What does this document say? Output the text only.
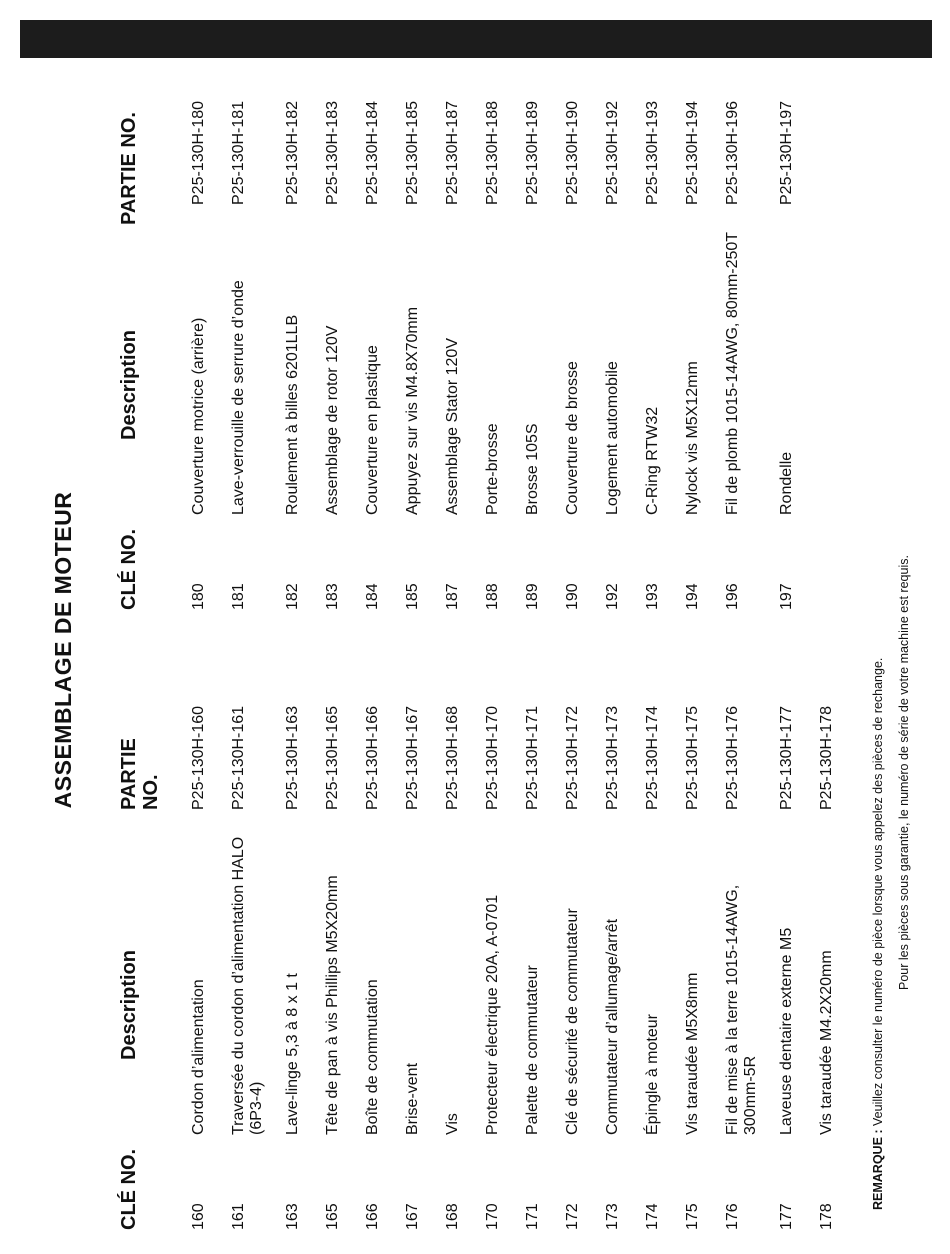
ASSEMBLAGE DE MOTEUR
CLÉ NO.
Description
PARTIE NO.
160
Cordon d’alimentation
P25-130H-160
161
Traversée du cordon d’alimentation HALO (6P3-4)
P25-130H-161
163
Lave-linge 5,3 à 8 x 1 t
P25-130H-163
165
Tête de pan à vis Phillips M5X20mm
P25-130H-165
166
Boîte de commutation
P25-130H-166
167
Brise-vent
P25-130H-167
168
Vis
P25-130H-168
170
Protecteur électrique 20A, A-0701
P25-130H-170
171
Palette de commutateur
P25-130H-171
172
Clé de sécurité de commutateur
P25-130H-172
173
Commutateur d’allumage/arrêt
P25-130H-173
174
Épingle à moteur
P25-130H-174
175
Vis taraudée M5X8mm
P25-130H-175
176
Fil de mise à la terre 1015-14AWG, 300mm-5R
P25-130H-176
177
Laveuse dentaire externe M5
P25-130H-177
178
Vis taraudée M4.2X20mm
P25-130H-178
CLÉ NO.
Description
PARTIE NO.
180
Couverture motrice (arrière)
P25-130H-180
181
Lave-verrouille de serrure d’onde
P25-130H-181
182
Roulement à billes 6201LLB
P25-130H-182
183
Assemblage de rotor 120V
P25-130H-183
184
Couverture en plastique
P25-130H-184
185
Appuyez sur vis M4.8X70mm
P25-130H-185
187
Assemblage Stator 120V
P25-130H-187
188
Porte-brosse
P25-130H-188
189
Brosse 105S
P25-130H-189
190
Couverture de brosse
P25-130H-190
192
Logement automobile
P25-130H-192
193
C-Ring RTW32
P25-130H-193
194
Nylock vis M5X12mm
P25-130H-194
196
Fil de plomb 1015-14AWG, 80mm-250T
P25-130H-196
197
Rondelle
P25-130H-197
REMARQUE : Veuillez consulter le numéro de pièce lorsque vous appelez des pièces de rechange. Pour les pièces sous garantie, le numéro de série de votre machine est requis.
